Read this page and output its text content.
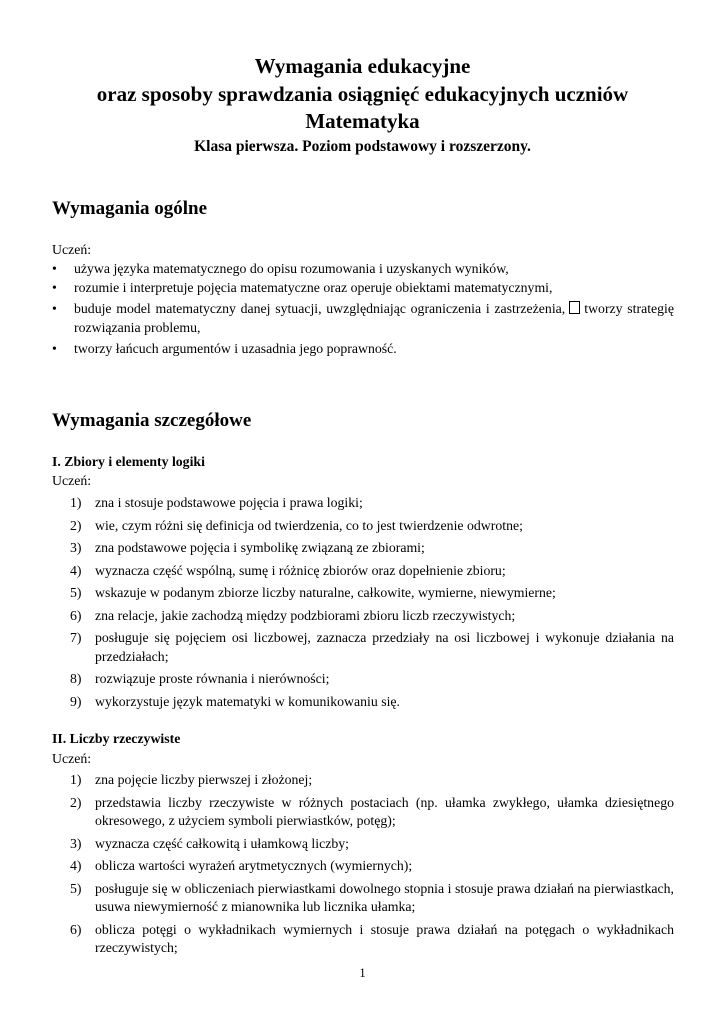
Wymagania edukacyjne
oraz sposoby sprawdzania osiągnięć edukacyjnych uczniów
Matematyka
Klasa pierwsza. Poziom podstawowy i rozszerzony.
Wymagania ogólne
Uczeń:
• używa języka matematycznego do opisu rozumowania i uzyskanych wyników,
• rozumie i interpretuje pojęcia matematyczne oraz operuje obiektami matematycznymi,
• buduje model matematyczny danej sytuacji, uwzględniając ograniczenia i zastrzeżenia, tworzy strategię rozwiązania problemu,
• tworzy łańcuch argumentów i uzasadnia jego poprawność.
Wymagania szczegółowe
I. Zbiory i elementy logiki
Uczeń:
1) zna i stosuje podstawowe pojęcia i prawa logiki;
2) wie, czym różni się definicja od twierdzenia, co to jest twierdzenie odwrotne;
3) zna podstawowe pojęcia i symbolikę związaną ze zbiorami;
4) wyznacza część wspólną, sumę i różnicę zbiorów oraz dopełnienie zbioru;
5) wskazuje w podanym zbiorze liczby naturalne, całkowite, wymierne, niewymierne;
6) zna relacje, jakie zachodzą między podzbiorami zbioru liczb rzeczywistych;
7) posługuje się pojęciem osi liczbowej, zaznacza przedziały na osi liczbowej i wykonuje działania na przedziałach;
8) rozwiązuje proste równania i nierówności;
9) wykorzystuje język matematyki w komunikowaniu się.
II. Liczby rzeczywiste
Uczeń:
1) zna pojęcie liczby pierwszej i złożonej;
2) przedstawia liczby rzeczywiste w różnych postaciach (np. ułamka zwykłego, ułamka dziesiętnego okresowego, z użyciem symboli pierwiastków, potęg);
3) wyznacza część całkowitą i ułamkową liczby;
4) oblicza wartości wyrażeń arytmetycznych (wymiernych);
5) posługuje się w obliczeniach pierwiastkami dowolnego stopnia i stosuje prawa działań na pierwiastkach, usuwa niewymierność z mianownika lub licznika ułamka;
6) oblicza potęgi o wykładnikach wymiernych i stosuje prawa działań na potęgach o wykładnikach rzeczywistych;
1
